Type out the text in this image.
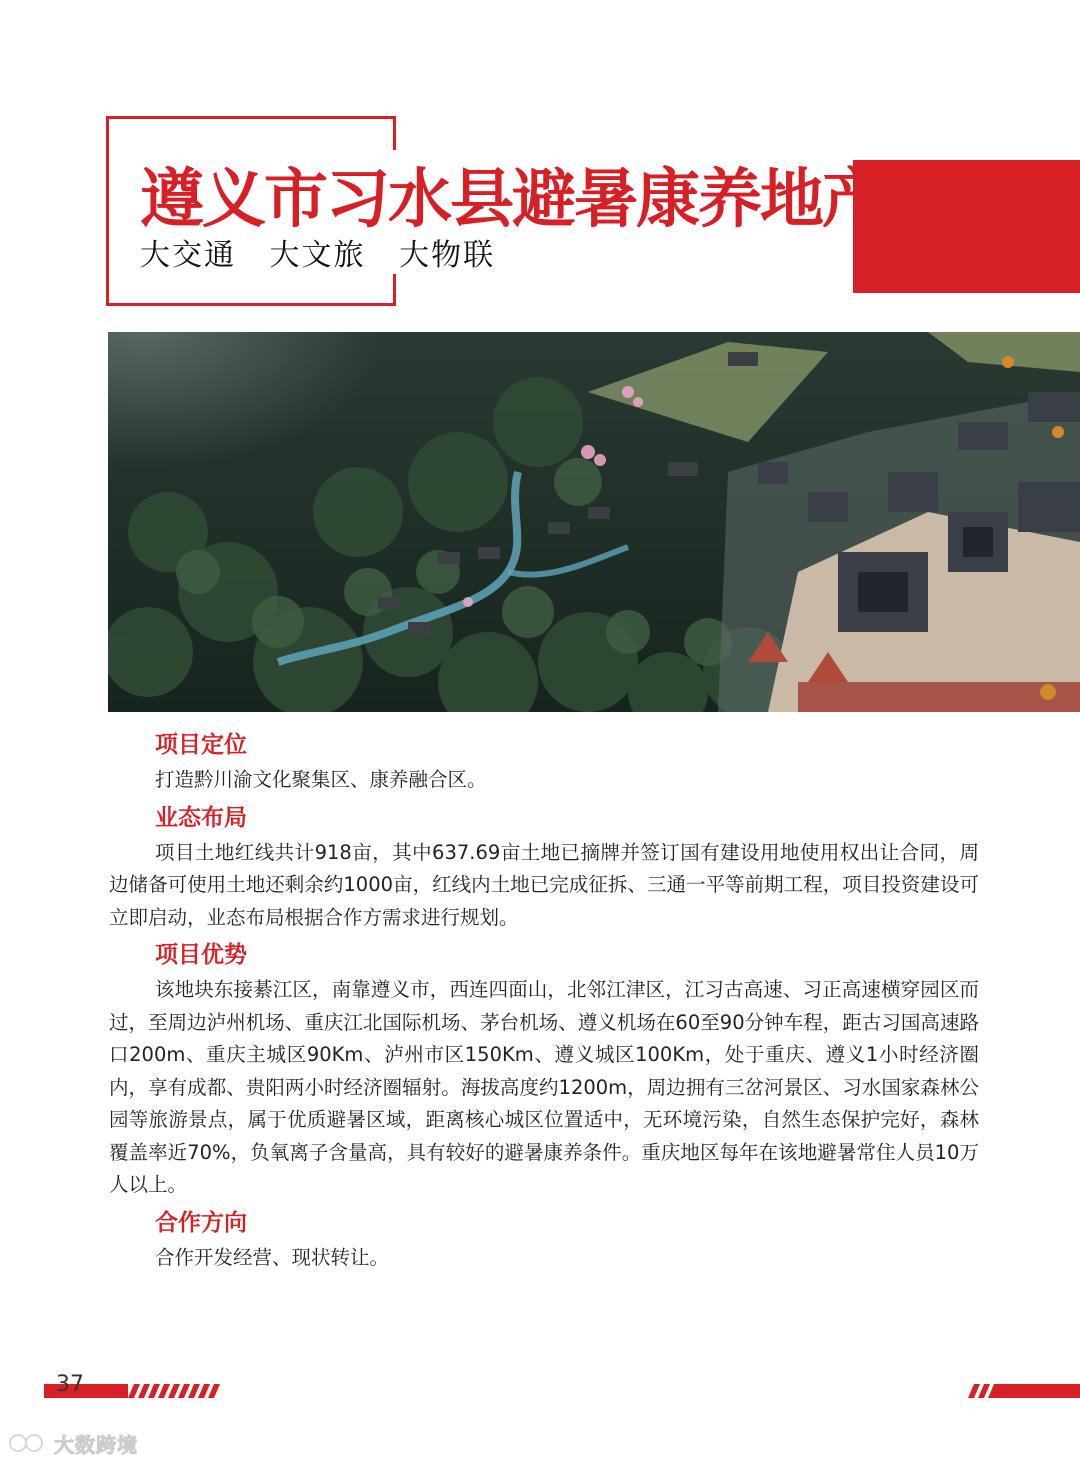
遵义市习水县避暑康养地产项目
大交通 大文旅 大物联
项目定位

打造黔川渝文化聚集区、康养融合区。

业态布局

项目土地红线共计918亩，其中637.69亩土地已摘牌并签订国有建设用地使用权出让合同，周边储备可使用土地还剩余约1000亩，红线内土地已完成征拆、三通一平等前期工程，项目投资建设可立即启动，业态布局根据合作方需求进行规划。

项目优势

该地块东接綦江区，南靠遵义市，西连四面山，北邻江津区，江习古高速、习正高速横穿园区而过，至周边泸州机场、重庆江北国际机场、茅台机场、遵义机场在60至90分钟车程，距古习国高速路口200m、重庆主城区90Km、泸州市区150Km、遵义城区100Km，处于重庆、遵义1小时经济圈内，享有成都、贵阳两小时经济圈辐射。海拔高度约1200m，周边拥有三岔河景区、习水国家森林公园等旅游景点，属于优质避暑区域，距离核心城区位置适中，无环境污染，自然生态保护完好，森林覆盖率近70%，负氧离子含量高，具有较好的避暑康养条件。重庆地区每年在该地避暑常住人员10万人以上。

合作方向

合作开发经营、现状转让。

37
大数跨境
